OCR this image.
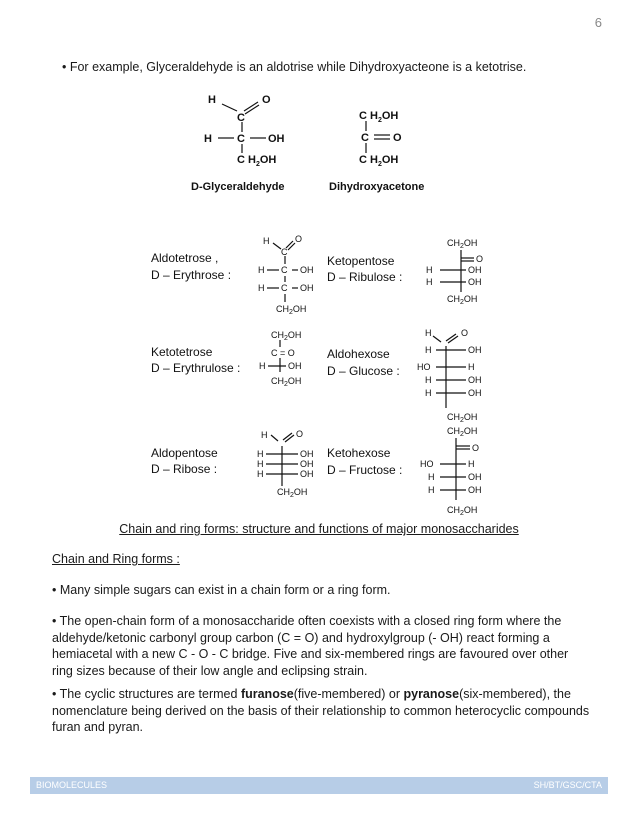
6
• For example, Glyceraldehyde is an aldotrise while Dihydroxyacteone is a ketotrise.
H	O
C
H C OH
C $H_2OH$
D-Glyceraldehyde
C $H_2OH$
C O
C $H_2OH$
Dihydroxyacetone
H	O
C
H C OH
H C OH
$CH_2OH$
Aldotetrose ,
D – Erythrose :
$CH_2OH$
O
H	OH
H	OH
$CH_2OH$
Ketopentose
D – Ribulose :
$CH_2OH$
C = O
H	OH
$CH_2OH$
Ketotetrose
D – Erythrulose :
H	O
H	OH
HO	H
H	OH
H	OH
$CH_2OH$
Aldohexose
D – Glucose :
H	O
H	OH
H	OH
H	OH
$CH_2OH$
Aldopentose
D – Ribose :
$CH_2OH$
O
HO	H
H	OH
H	OH
$CH_2OH$
Ketohexose
D – Fructose :
Chain and ring forms: structure and functions of major monosaccharides
Chain and Ring forms :
• Many simple sugars can exist in a chain form or a ring form.
• The open-chain form of a monosaccharide often coexists with a closed ring form where the aldehyde/ketonic carbonyl group carbon (C = O) and hydroxylgroup (- OH) react forming a hemiacetal with a new C - O - C bridge. Five and six-membered rings are favoured over other ring sizes because of their low angle and eclipsing strain.
• The cyclic structures are termed furanose(five-membered) or pyranose(six-membered), the nomenclature being derived on the basis of their relationship to common heterocyclic compounds furan and pyran.
BIOMOLECULES	SH/BT/GSC/CTA
